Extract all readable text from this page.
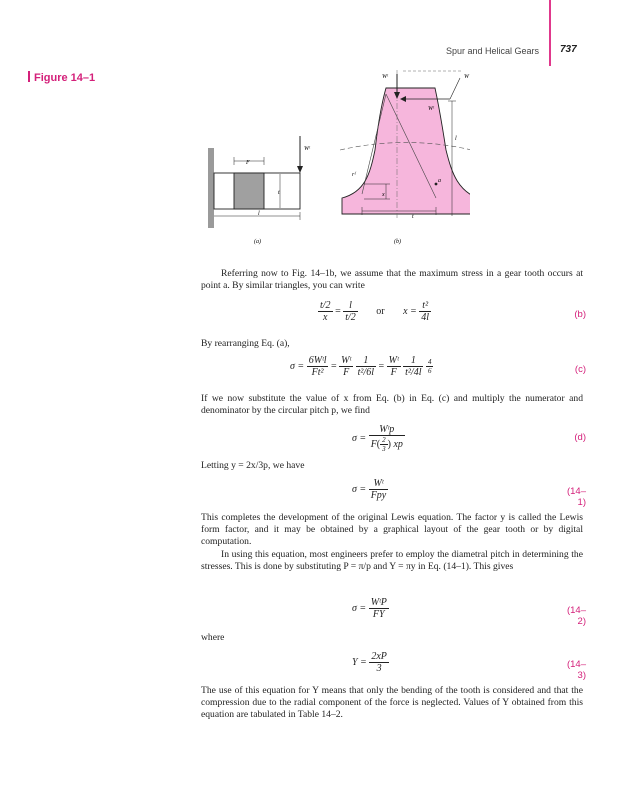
Spur and Helical Gears 737
Figure 14–1
Wᵗ
F
t
l
(a)
Wᵗ	W
Wᵗ
l
rᶠ
a
x
t
(b)
Referring now to Fig. 14–1b, we assume that the maximum stress in a gear tooth occurs at point a. By similar triangles, you can write
$\frac{t/2}{x} = \frac{l}{t/2}$ or $x = \frac{\text{t²}}{4l}$	(b)
By rearranging Eq. (a),
$\sigma = \frac{\text{6Wᵗl}}{\text{Ft²}} = \frac{\text{Wᵗ}}{F}$
$\frac{1}{\text{t²/6l}} = \frac{\text{Wᵗ}}{F}$
$\frac{1}{\text{t²/4l}}$
$\frac{4}{6}$	(c)
If we now substitute the value of x from Eq. (b) in Eq. (c) and multiply the numerator and denominator by the circular pitch p, we find
$\sigma = \frac{\text{Wᵗp}}{F( \frac{2}{3} ) xp}$	(d)
Letting y = 2x/3p, we have
$\sigma = \frac{\text{Wᵗ}}{\text{Fpy}}$	(14–1)
This completes the development of the original Lewis equation. The factor y is called the Lewis form factor, and it may be obtained by a graphical layout of the gear tooth or by digital computation.
In using this equation, most engineers prefer to employ the diametral pitch in determining the stresses. This is done by substituting P = π/p and Y = πy in Eq. (14–1). This gives
$\sigma = \frac{\text{WᵗP}}{FY}$	(14–2)
where
$Y = \frac{2xP}{3}$	(14–3)
The use of this equation for Y means that only the bending of the tooth is considered and that the compression due to the radial component of the force is neglected. Values of Y obtained from this equation are tabulated in Table 14–2.
